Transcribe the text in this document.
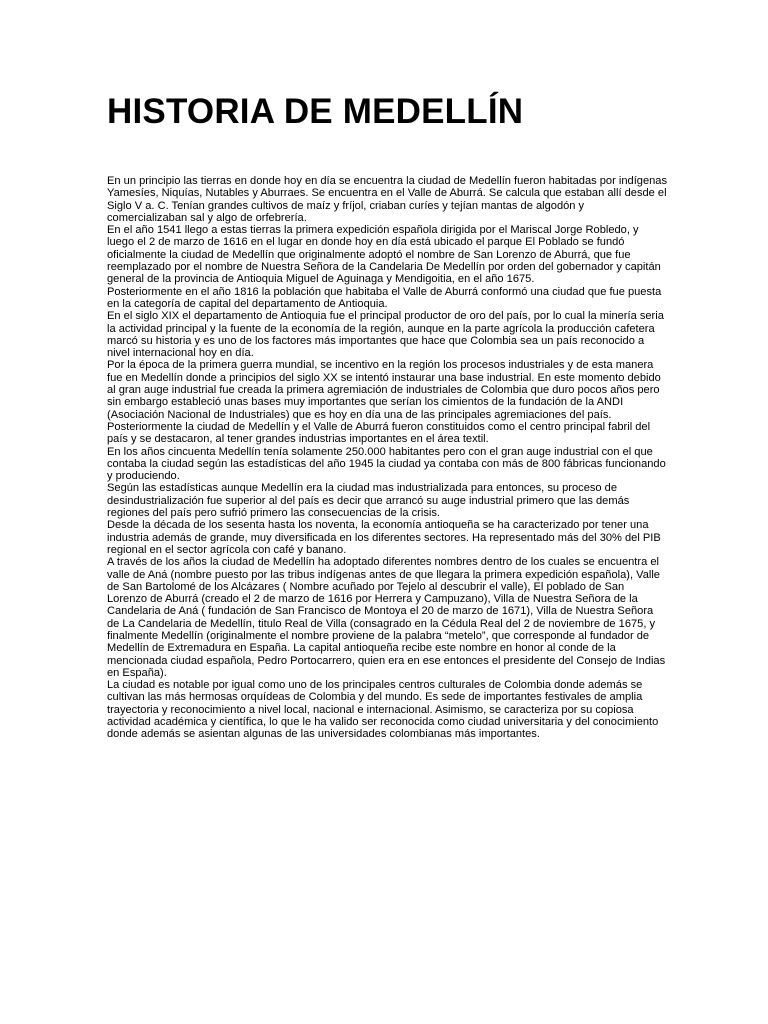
HISTORIA DE MEDELLÍN

En un principio las tierras en donde hoy en día se encuentra la ciudad de Medellín fueron habitadas por indígenas Yamesíes, Niquías, Nutables y Aburraes. Se encuentra en el Valle de Aburrá. Se calcula que estaban allí desde el Siglo V a. C. Tenían grandes cultivos de maíz y fríjol, criaban curíes y tejían mantas de algodón y comercializaban sal y algo de orfebrería.

En el año 1541 llego a estas tierras la primera expedición española dirigida por el Mariscal Jorge Robledo, y luego el 2 de marzo de 1616 en el lugar en donde hoy en día está ubicado el parque El Poblado se fundó oficialmente la ciudad de Medellín que originalmente adoptó el nombre de San Lorenzo de Aburrá, que fue reemplazado por el nombre de Nuestra Señora de la Candelaria De Medellín por orden del gobernador y capitán general de la provincia de Antioquia Miguel de Aguinaga y Mendigoitia, en el año 1675.

Posteriormente en el año 1816 la población que habitaba el Valle de Aburrá conformó una ciudad que fue puesta en la categoría de capital del departamento de Antioquia.

En el siglo XIX el departamento de Antioquia fue el principal productor de oro del país, por lo cual la minería seria la actividad principal y la fuente de la economía de la región, aunque en la parte agrícola la producción cafetera marcó su historia y es uno de los factores más importantes que hace que Colombia sea un país reconocido a nivel internacional hoy en día.

Por la época de la primera guerra mundial, se incentivo en la región los procesos industriales y de esta manera fue en Medellín donde a principios del siglo XX se intentó instaurar una base industrial. En este momento debido al gran auge industrial fue creada la primera agremiación de industriales de Colombia que duro pocos años pero sin embargo estableció unas bases muy importantes que serían los cimientos de la fundación de la ANDI (Asociación Nacional de Industriales) que es hoy en día una de las principales agremiaciones del país.

Posteriormente la ciudad de Medellín y el Valle de Aburrá fueron constituidos como el centro principal fabril del país y se destacaron, al tener grandes industrias importantes en el área textil.

En los años cincuenta Medellín tenía solamente 250.000 habitantes pero con el gran auge industrial con el que contaba la ciudad según las estadísticas del año 1945 la ciudad ya contaba con más de 800 fábricas funcionando y produciendo.

Según las estadísticas aunque Medellín era la ciudad mas industrializada para entonces, su proceso de desindustrialización fue superior al del país es decir que arrancó su auge industrial primero que las demás regiones del país pero sufrió primero las consecuencias de la crisis.

Desde la década de los sesenta hasta los noventa, la economía antioqueña se ha caracterizado por tener una industria además de grande, muy diversificada en los diferentes sectores. Ha representado más del 30% del PIB regional en el sector agrícola con café y banano.

A través de los años la ciudad de Medellín ha adoptado diferentes nombres dentro de los cuales se encuentra el valle de Aná (nombre puesto por las tribus indígenas antes de que llegara la primera expedición española), Valle de San Bartolomé de los Alcázares ( Nombre acuñado por Tejelo al descubrir el valle), El poblado de San Lorenzo de Aburrá (creado el 2 de marzo de 1616 por Herrera y Campuzano), Villa de Nuestra Señora de la Candelaria de Aná ( fundación de San Francisco de Montoya el 20 de marzo de 1671), Villa de Nuestra Señora de La Candelaria de Medellín, titulo Real de Villa (consagrado en la Cédula Real del 2 de noviembre de 1675, y finalmente Medellín (originalmente el nombre proviene de la palabra “metelo”, que corresponde al fundador de Medellín de Extremadura en España. La capital antioqueña recibe este nombre en honor al conde de la mencionada ciudad española, Pedro Portocarrero, quien era en ese entonces el presidente del Consejo de Indias en España).

La ciudad es notable por igual como uno de los principales centros culturales de Colombia donde además se cultivan las más hermosas orquídeas de Colombia y del mundo. Es sede de importantes festivales de amplia trayectoria y reconocimiento a nivel local, nacional e internacional. Asimismo, se caracteriza por su copiosa actividad académica y científica, lo que le ha valido ser reconocida como ciudad universitaria y del conocimiento donde además se asientan algunas de las universidades colombianas más importantes.
